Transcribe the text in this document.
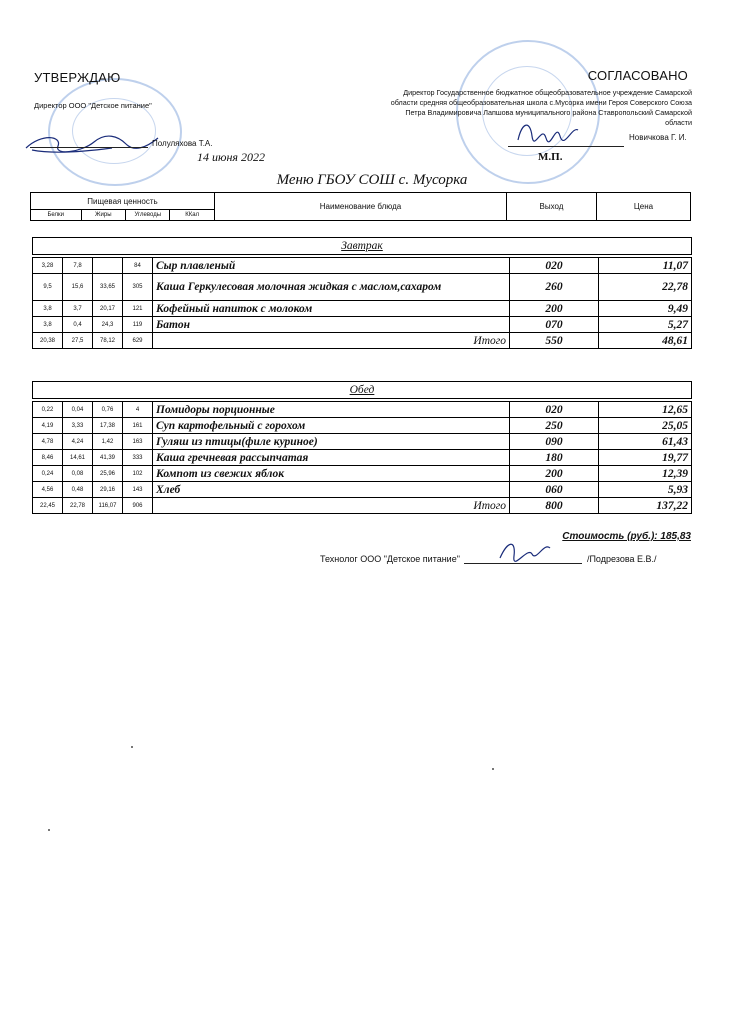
УТВЕРЖДАЮ
Директор ООО "Детское питание"
Полуляхова Т.А.
14 июня 2022
СОГЛАСОВАНО
Директор Государственное бюджатное общеобразовательное учреждение Самарской области средняя общеобразовательная школа с.Мусорка имени Героя Соверского Союза Петра Владимировича Лапшова муниципального района Ставропольский Самарской области
Новичкова Г. И.
М.П.
Меню ГБОУ СОШ с. Мусорка
Пищевая ценность				Наименование блюда	Выход	Цена
Белки	Жиры	Углеводы	ККал			
Завтрак						

3,28	7,8		84	Сыр плавленый	020	11,07
9,5	15,6	33,65	305	Каша Геркулесовая молочная жидкая с маслом,сахаром	260	22,78
3,8	3,7	20,17	121	Кофейный напиток с молоком	200	9,49
3,8	0,4	24,3	119	Батон	070	5,27
20,38	27,5	78,12	629	Итого	550	48,61
Обед						

0,22	0,04	0,76	4	Помидоры порционные	020	12,65
4,19	3,33	17,38	161	Суп картофельный с горохом	250	25,05
4,78	4,24	1,42	163	Гуляш из птицы(филе куриное)	090	61,43
8,46	14,61	41,39	333	Каша гречневая рассыпчатая	180	19,77
0,24	0,08	25,96	102	Компот из свежих яблок	200	12,39
4,56	0,48	29,16	143	Хлеб	060	5,93
22,45	22,78	116,07	906	Итого	800	137,22
Стоимость (руб.): 185,83
Технолог ООО "Детское питание"	/Подрезова Е.В./
